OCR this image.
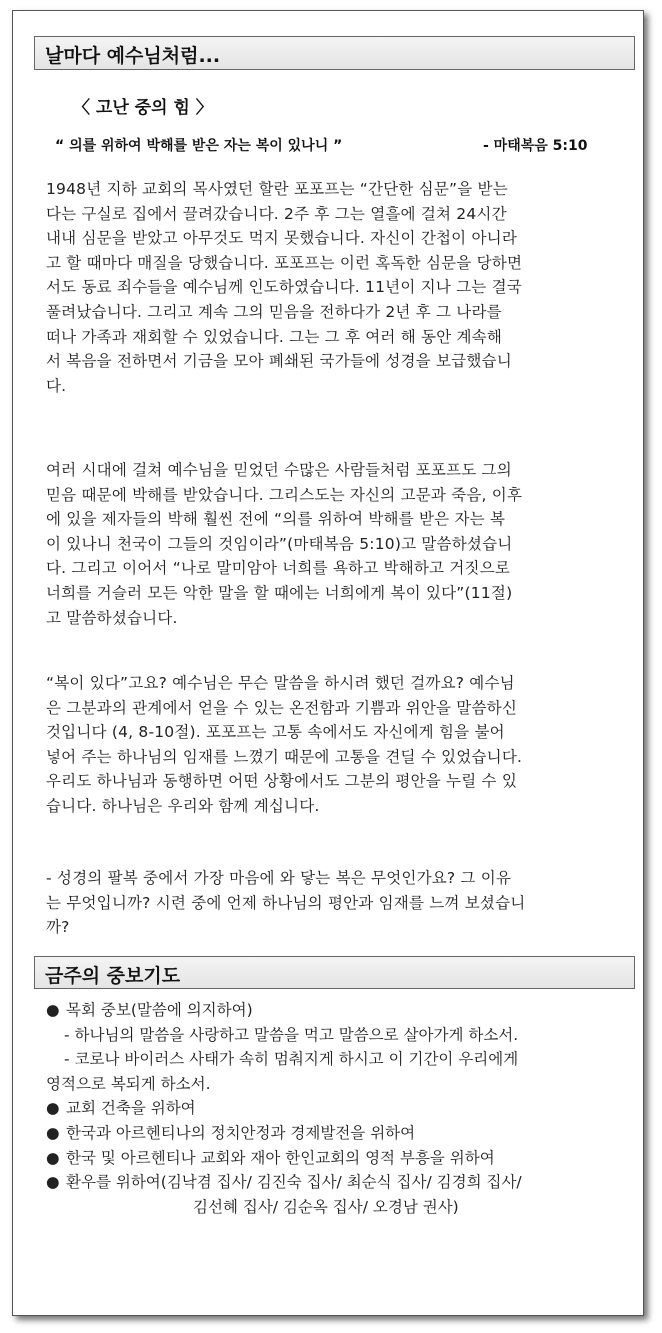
날마다 예수님처럼...
〈 고난 중의 힘 〉
“ 의를 위하여 박해를 받은 자는 복이 있나니 ”	- 마태복음 5:10
1948년 지하 교회의 목사였던 할란 포포프는 “간단한 심문”을 받는
다는 구실로 집에서 끌려갔습니다. 2주 후 그는 열흘에 걸쳐 24시간
내내 심문을 받았고 아무것도 먹지 못했습니다. 자신이 간첩이 아니라
고 할 때마다 매질을 당했습니다. 포포프는 이런 혹독한 심문을 당하면
서도 동료 죄수들을 예수님께 인도하였습니다. 11년이 지나 그는 결국
풀려났습니다. 그리고 계속 그의 믿음을 전하다가 2년 후 그 나라를
떠나 가족과 재회할 수 있었습니다. 그는 그 후 여러 해 동안 계속해
서 복음을 전하면서 기금을 모아 폐쇄된 국가들에 성경을 보급했습니
다.
여러 시대에 걸쳐 예수님을 믿었던 수많은 사람들처럼 포포프도 그의
믿음 때문에 박해를 받았습니다. 그리스도는 자신의 고문과 죽음, 이후
에 있을 제자들의 박해 훨씬 전에 “의를 위하여 박해를 받은 자는 복
이 있나니 천국이 그들의 것임이라”(마태복음 5:10)고 말씀하셨습니
다. 그리고 이어서 “나로 말미암아 너희를 욕하고 박해하고 거짓으로
너희를 거슬러 모든 악한 말을 할 때에는 너희에게 복이 있다”(11절)
고 말씀하셨습니다.
“복이 있다”고요? 예수님은 무슨 말씀을 하시려 했던 걸까요? 예수님
은 그분과의 관계에서 얻을 수 있는 온전함과 기쁨과 위안을 말씀하신
것입니다 (4, 8-10절). 포포프는 고통 속에서도 자신에게 힘을 불어
넣어 주는 하나님의 임재를 느꼈기 때문에 고통을 견딜 수 있었습니다.
우리도 하나님과 동행하면 어떤 상황에서도 그분의 평안을 누릴 수 있
습니다. 하나님은 우리와 함께 계십니다.
- 성경의 팔복 중에서 가장 마음에 와 닿는 복은 무엇인가요? 그 이유
는 무엇입니까? 시련 중에 언제 하나님의 평안과 임재를 느껴 보셨습니
까?
금주의 중보기도
● 목회 중보(말씀에 의지하여)
- 하나님의 말씀을 사랑하고 말씀을 먹고 말씀으로 살아가게 하소서.
- 코로나 바이러스 사태가 속히 멈춰지게 하시고 이 기간이 우리에게
영적으로 복되게 하소서.
● 교회 건축을 위하여
● 한국과 아르헨티나의 정치안정과 경제발전을 위하여
● 한국 및 아르헨티나 교회와 재아 한인교회의 영적 부흥을 위하여
● 환우를 위하여(김낙겸 집사/ 김진숙 집사/ 최순식 집사/ 김경희 집사/
김선혜 집사/ 김순옥 집사/ 오경남 권사)
